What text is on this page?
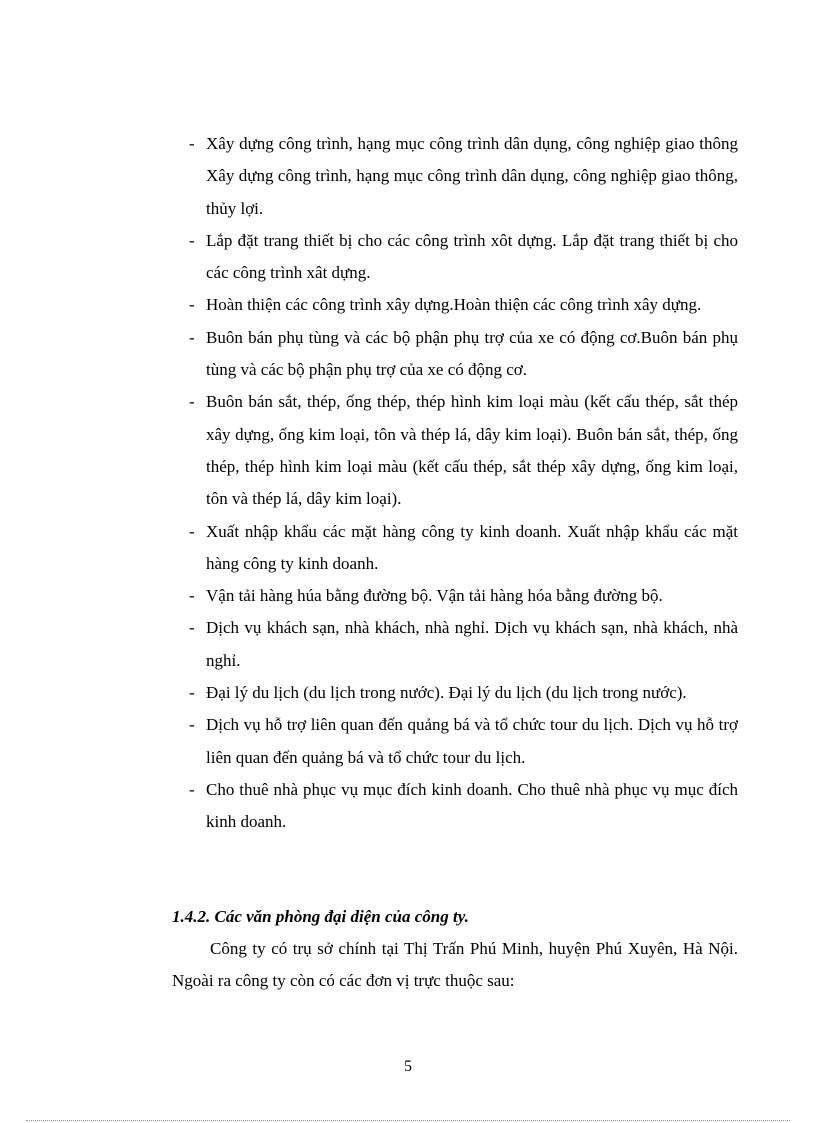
- Xây dựng công trình, hạng mục công trình dân dụng, công nghiệp giao thông Xây dựng công trình, hạng mục công trình dân dụng, công nghiệp giao thông, thủy lợi.
- Lắp đặt trang thiết bị cho các công trình xôt dựng. Lắp đặt trang thiết bị cho các công trình xât dựng.
- Hoàn thiện các công trình xây dựng.Hoàn thiện các công trình xây dựng.
- Buôn bán phụ tùng và các bộ phận phụ trợ của xe có động cơ.Buôn bán phụ tùng và các bộ phận phụ trợ của xe có động cơ.
- Buôn bán sắt, thép, ống thép, thép hình kim loại màu (kết cấu thép, sắt thép xây dựng, ống kim loại, tôn và thép lá, dây kim loại). Buôn bán sắt, thép, ống thép, thép hình kim loại màu (kết cấu thép, sắt thép xây dựng, ống kim loại, tôn và thép lá, dây kim loại).
- Xuất nhập khẩu các mặt hàng công ty kinh doanh. Xuất nhập khẩu các mặt hàng công ty kinh doanh.
- Vận tải hàng húa bằng đường bộ. Vận tải hàng hóa bằng đường bộ.
- Dịch vụ khách sạn, nhà khách, nhà nghỉ. Dịch vụ khách sạn, nhà khách, nhà nghỉ.
- Đại lý du lịch (du lịch trong nước). Đại lý du lịch (du lịch trong nước).
- Dịch vụ hỗ trợ liên quan đến quảng bá và tổ chức tour du lịch. Dịch vụ hỗ trợ liên quan đến quảng bá và tổ chức tour du lịch.
- Cho thuê nhà phục vụ mục đích kinh doanh. Cho thuê nhà phục vụ mục đích kinh doanh.
1.4.2. Các văn phòng đại diện của công ty.

Công ty có trụ sở chính tại Thị Trấn Phú Minh, huyện Phú Xuyên, Hà Nội. Ngoài ra công ty còn có các đơn vị trực thuộc sau:

5
